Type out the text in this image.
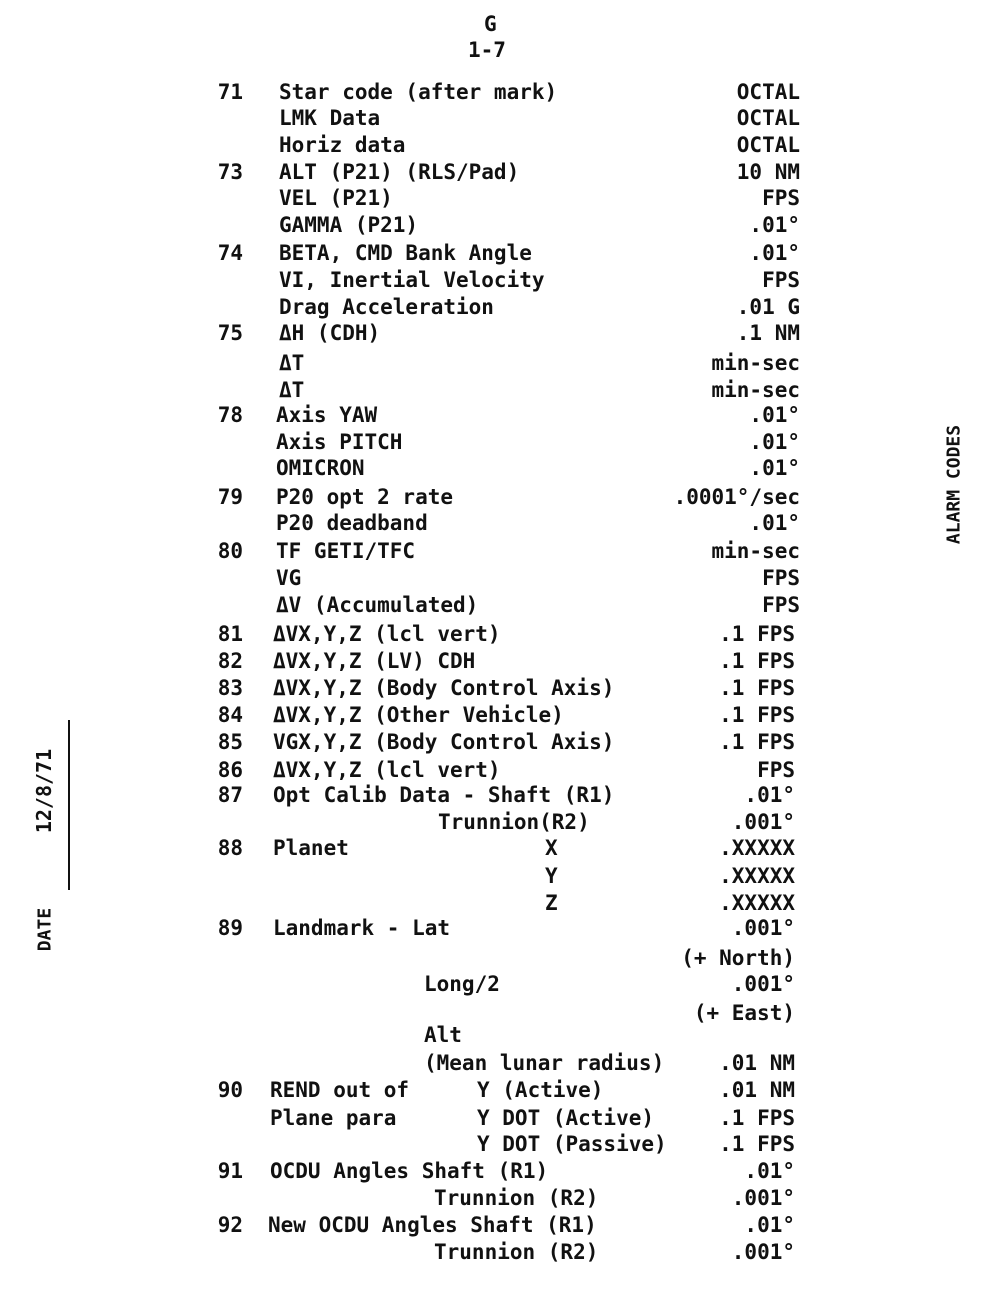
G
1-7
ALARM CODES
DATE
12/8/71
71 Star code (after mark)	OCTAL
LMK Data	OCTAL
Horiz data	OCTAL
73 ALT (P21) (RLS/Pad)	10 NM
VEL (P21)	FPS
GAMMA (P21)	.01°
74 BETA, CMD Bank Angle	.01°
VI, Inertial Velocity	FPS
Drag Acceleration	.01 G
75 ΔH (CDH)	.1 NM
ΔT	min-sec
ΔT	min-sec
78 Axis YAW	.01°
Axis PITCH	.01°
OMICRON	.01°
79 P20 opt 2 rate	.0001°/sec
P20 deadband	.01°
80 TF GETI/TFC	min-sec
VG	FPS
ΔV (Accumulated)	FPS
81 ΔVX,Y,Z (lcl vert)	.1 FPS
82 ΔVX,Y,Z (LV) CDH	.1 FPS
83 ΔVX,Y,Z (Body Control Axis)	.1 FPS
84 ΔVX,Y,Z (Other Vehicle)	.1 FPS
85 VGX,Y,Z (Body Control Axis)	.1 FPS
86 ΔVX,Y,Z (lcl vert)	FPS
87 Opt Calib Data - Shaft (R1)	.01°
Trunnion(R2)	.001°
88 Planet	X	.XXXXX
Y	.XXXXX
Z	.XXXXX
89 Landmark - Lat	.001°
(+ North)
Long/2	.001°
(+ East)
Alt
(Mean lunar radius)	.01 NM
90 REND out of	Y (Active)	.01 NM
Plane para	Y DOT (Active)	.1 FPS
Y DOT (Passive) .1 FPS
91 OCDU Angles Shaft (R1)	.01°
Trunnion (R2)	.001°
92 New OCDU Angles Shaft (R1)	.01°
Trunnion (R2)	.001°
